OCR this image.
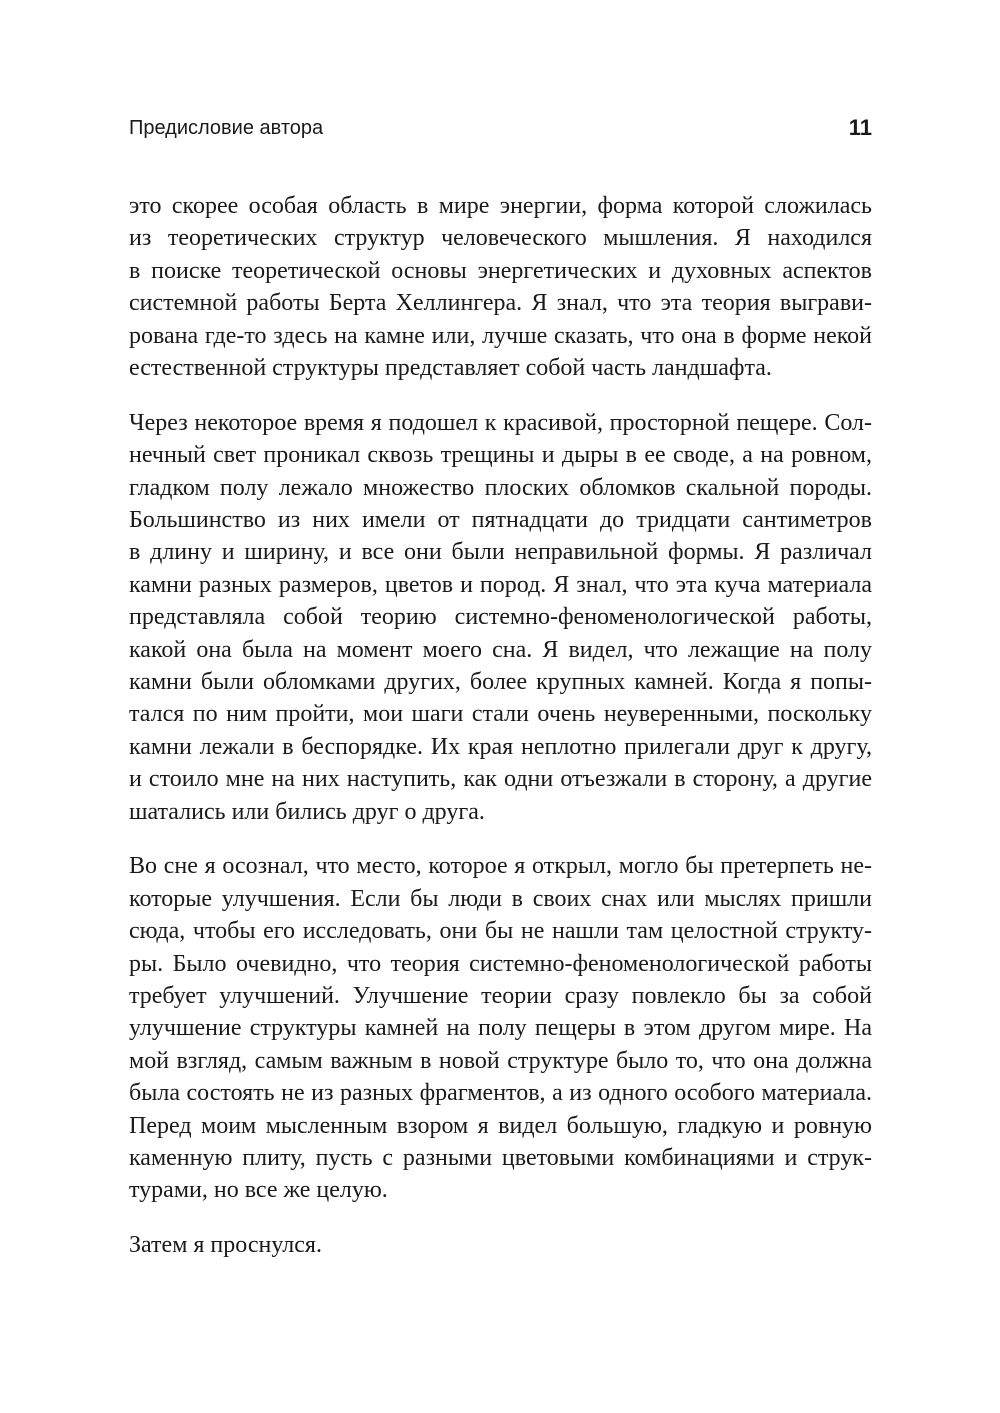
Предисловие автора	11
это скорее особая область в мире энергии, форма которой сложилась
из теоретических структур человеческого мышления. Я находился
в поиске теоретической основы энергетических и духовных аспектов
системной работы Берта Хеллингера. Я знал, что эта теория выграви-
рована где-то здесь на камне или, лучше сказать, что она в форме некой
естественной структуры представляет собой часть ландшафта.
Через некоторое время я подошел к красивой, просторной пещере. Сол-
нечный свет проникал сквозь трещины и дыры в ее своде, а на ровном,
гладком полу лежало множество плоских обломков скальной породы.
Большинство из них имели от пятнадцати до тридцати сантиметров
в длину и ширину, и все они были неправильной формы. Я различал
камни разных размеров, цветов и пород. Я знал, что эта куча материала
представляла собой теорию системно-феноменологической работы,
какой она была на момент моего сна. Я видел, что лежащие на полу
камни были обломками других, более крупных камней. Когда я попы-
тался по ним пройти, мои шаги стали очень неуверенными, поскольку
камни лежали в беспорядке. Их края неплотно прилегали друг к другу,
и стоило мне на них наступить, как одни отъезжали в сторону, а другие
шатались или бились друг о друга.
Во сне я осознал, что место, которое я открыл, могло бы претерпеть не-
которые улучшения. Если бы люди в своих снах или мыслях пришли
сюда, чтобы его исследовать, они бы не нашли там целостной структу-
ры. Было очевидно, что теория системно-феноменологической работы
требует улучшений. Улучшение теории сразу повлекло бы за собой
улучшение структуры камней на полу пещеры в этом другом мире. На
мой взгляд, самым важным в новой структуре было то, что она должна
была состоять не из разных фрагментов, а из одного особого материала.
Перед моим мысленным взором я видел большую, гладкую и ровную
каменную плиту, пусть с разными цветовыми комбинациями и струк-
турами, но все же целую.
Затем я проснулся.
